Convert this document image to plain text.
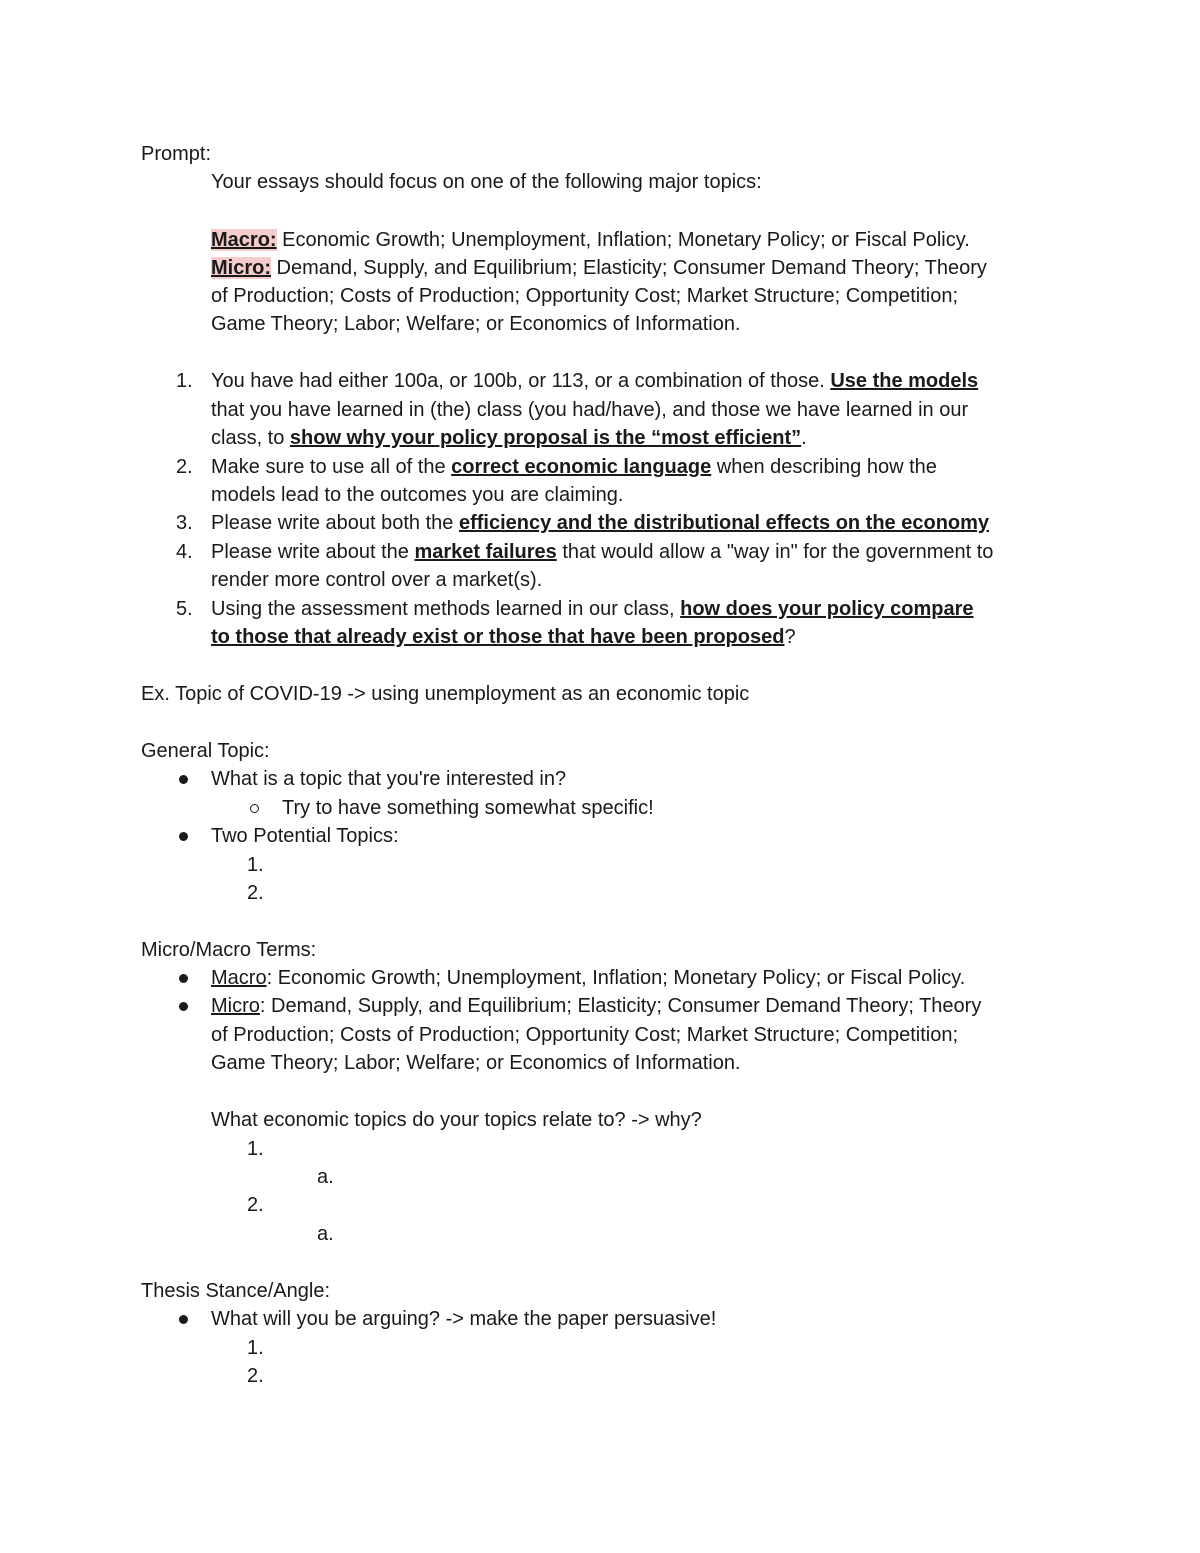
Prompt:
Your essays should focus on one of the following major topics:
Macro: Economic Growth; Unemployment, Inflation; Monetary Policy; or Fiscal Policy.
Micro: Demand, Supply, and Equilibrium; Elasticity; Consumer Demand Theory; Theory
of Production; Costs of Production; Opportunity Cost; Market Structure; Competition;
Game Theory; Labor; Welfare; or Economics of Information.
1. You have had either 100a, or 100b, or 113, or a combination of those. Use the models
that you have learned in (the) class (you had/have), and those we have learned in our
class, to show why your policy proposal is the “most efficient”.
2. Make sure to use all of the correct economic language when describing how the
models lead to the outcomes you are claiming.
3. Please write about both the efficiency and the distributional effects on the economy
4. Please write about the market failures that would allow a "way in" for the government to
render more control over a market(s).
5. Using the assessment methods learned in our class, how does your policy compare
to those that already exist or those that have been proposed?
Ex. Topic of COVID-19 -> using unemployment as an economic topic
General Topic:
What is a topic that you're interested in?
Try to have something somewhat specific!
Two Potential Topics:
1.
2.
Micro/Macro Terms:
Macro: Economic Growth; Unemployment, Inflation; Monetary Policy; or Fiscal Policy.
Micro: Demand, Supply, and Equilibrium; Elasticity; Consumer Demand Theory; Theory
of Production; Costs of Production; Opportunity Cost; Market Structure; Competition;
Game Theory; Labor; Welfare; or Economics of Information.
What economic topics do your topics relate to? -> why?
1.
a.
2.
a.
Thesis Stance/Angle:
What will you be arguing? -> make the paper persuasive!
1.
2.
